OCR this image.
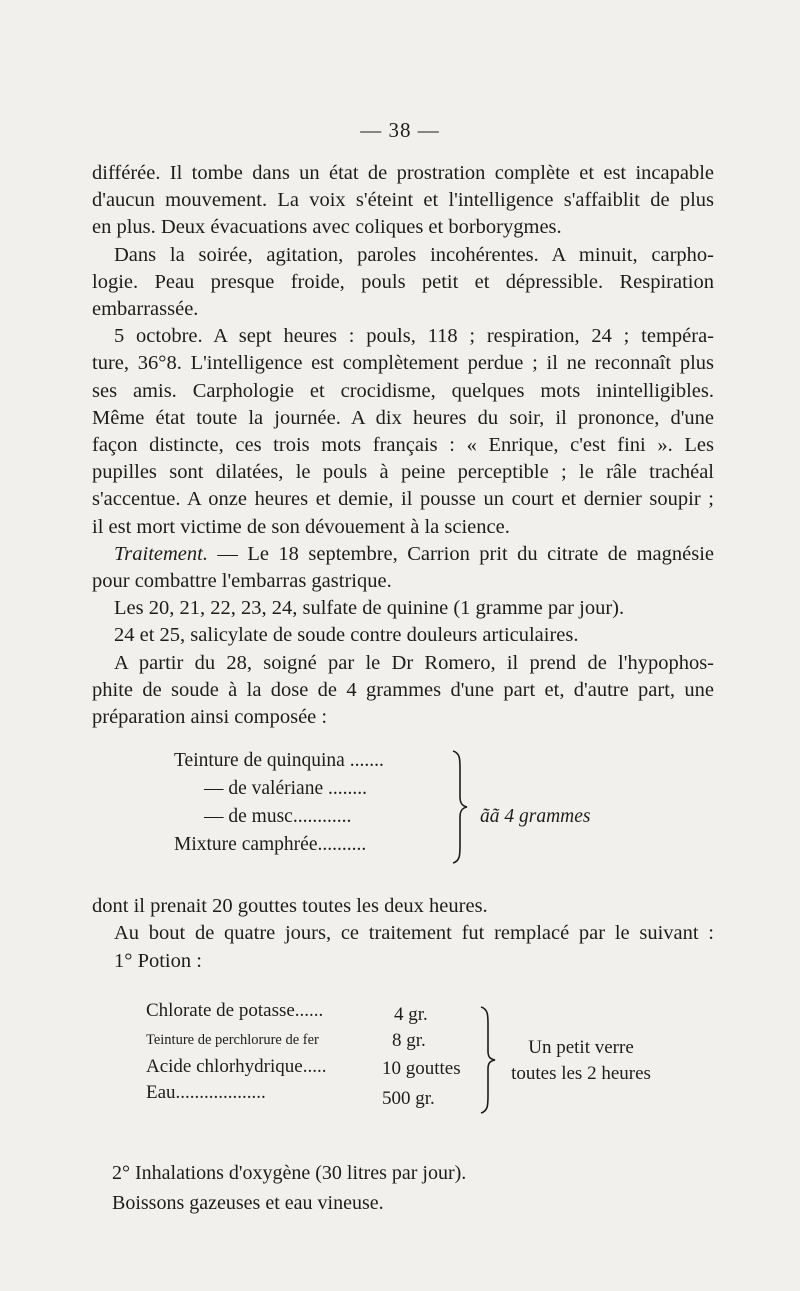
— 38 —
différée. Il tombe dans un état de prostration complète et est incapable
d'aucun mouvement. La voix s'éteint et l'intelligence s'affaiblit de plus
en plus. Deux évacuations avec coliques et borborygmes.
Dans la soirée, agitation, paroles incohérentes. A minuit, carpho-
logie. Peau presque froide, pouls petit et dépressible. Respiration
embarrassée.
5 octobre. A sept heures : pouls, 118 ; respiration, 24 ; tempéra-
ture, 36°8. L'intelligence est complètement perdue ; il ne reconnaît plus
ses amis. Carphologie et crocidisme, quelques mots inintelligibles.
Même état toute la journée. A dix heures du soir, il prononce, d'une
façon distincte, ces trois mots français : « Enrique, c'est fini ». Les
pupilles sont dilatées, le pouls à peine perceptible ; le râle trachéal
s'accentue. A onze heures et demie, il pousse un court et dernier soupir ;
il est mort victime de son dévouement à la science.
Traitement. — Le 18 septembre, Carrion prit du citrate de magnésie
pour combattre l'embarras gastrique.
Les 20, 21, 22, 23, 24, sulfate de quinine (1 gramme par jour).
24 et 25, salicylate de soude contre douleurs articulaires.
A partir du 28, soigné par le Dr Romero, il prend de l'hypophos-
phite de soude à la dose de 4 grammes d'une part et, d'autre part, une
préparation ainsi composée :
Teinture de quinquina .......
— de valériane ........
— de musc............
Mixture camphrée..........
ãã 4 grammes
dont il prenait 20 gouttes toutes les deux heures.
Au bout de quatre jours, ce traitement fut remplacé par le suivant :
1° Potion :
Chlorate de potasse......	4 gr.
Teinture de perchlorure de fer	8 gr.
Acide chlorhydrique.....	10 gouttes
Eau...................	500 gr.
Un petit verre
toutes les 2 heures
2° Inhalations d'oxygène (30 litres par jour).
Boissons gazeuses et eau vineuse.
